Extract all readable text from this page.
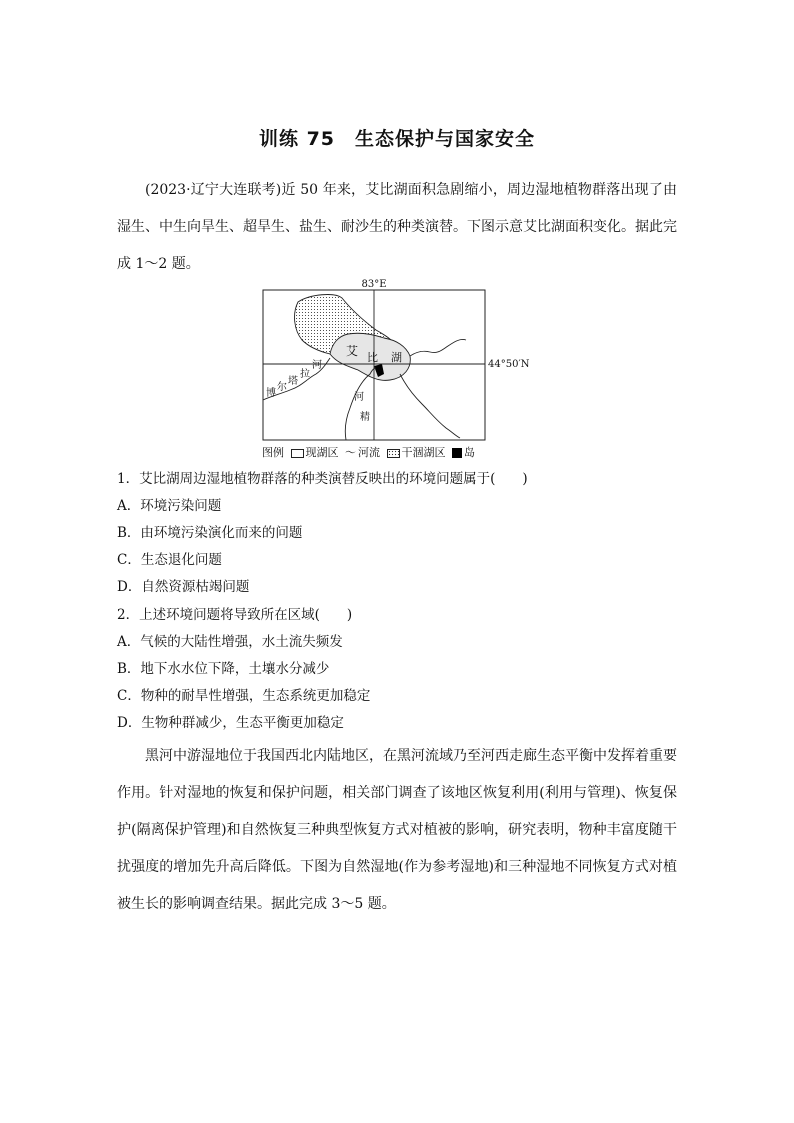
训练 75　生态保护与国家安全
(2023·辽宁大连联考)近 50 年来，艾比湖面积急剧缩小，周边湿地植物群落出现了由湿生、中生向旱生、超旱生、盐生、耐沙生的种类演替。下图示意艾比湖面积变化。据此完成 1～2 题。
83°E
44°50′N
艾 比 湖
博
尔
塔
拉
河
河
精
图例 现湖区 ～ 河流 干涸湖区 岛
1．艾比湖周边湿地植物群落的种类演替反映出的环境问题属于(　　)
A．环境污染问题
B．由环境污染演化而来的问题
C．生态退化问题
D．自然资源枯竭问题
2．上述环境问题将导致所在区域(　　)
A．气候的大陆性增强，水土流失频发
B．地下水水位下降，土壤水分减少
C．物种的耐旱性增强，生态系统更加稳定
D．生物种群减少，生态平衡更加稳定
黑河中游湿地位于我国西北内陆地区，在黑河流域乃至河西走廊生态平衡中发挥着重要作用。针对湿地的恢复和保护问题，相关部门调查了该地区恢复利用(利用与管理)、恢复保护(隔离保护管理)和自然恢复三种典型恢复方式对植被的影响，研究表明，物种丰富度随干扰强度的增加先升高后降低。下图为自然湿地(作为参考湿地)和三种湿地不同恢复方式对植被生长的影响调查结果。据此完成 3～5 题。
